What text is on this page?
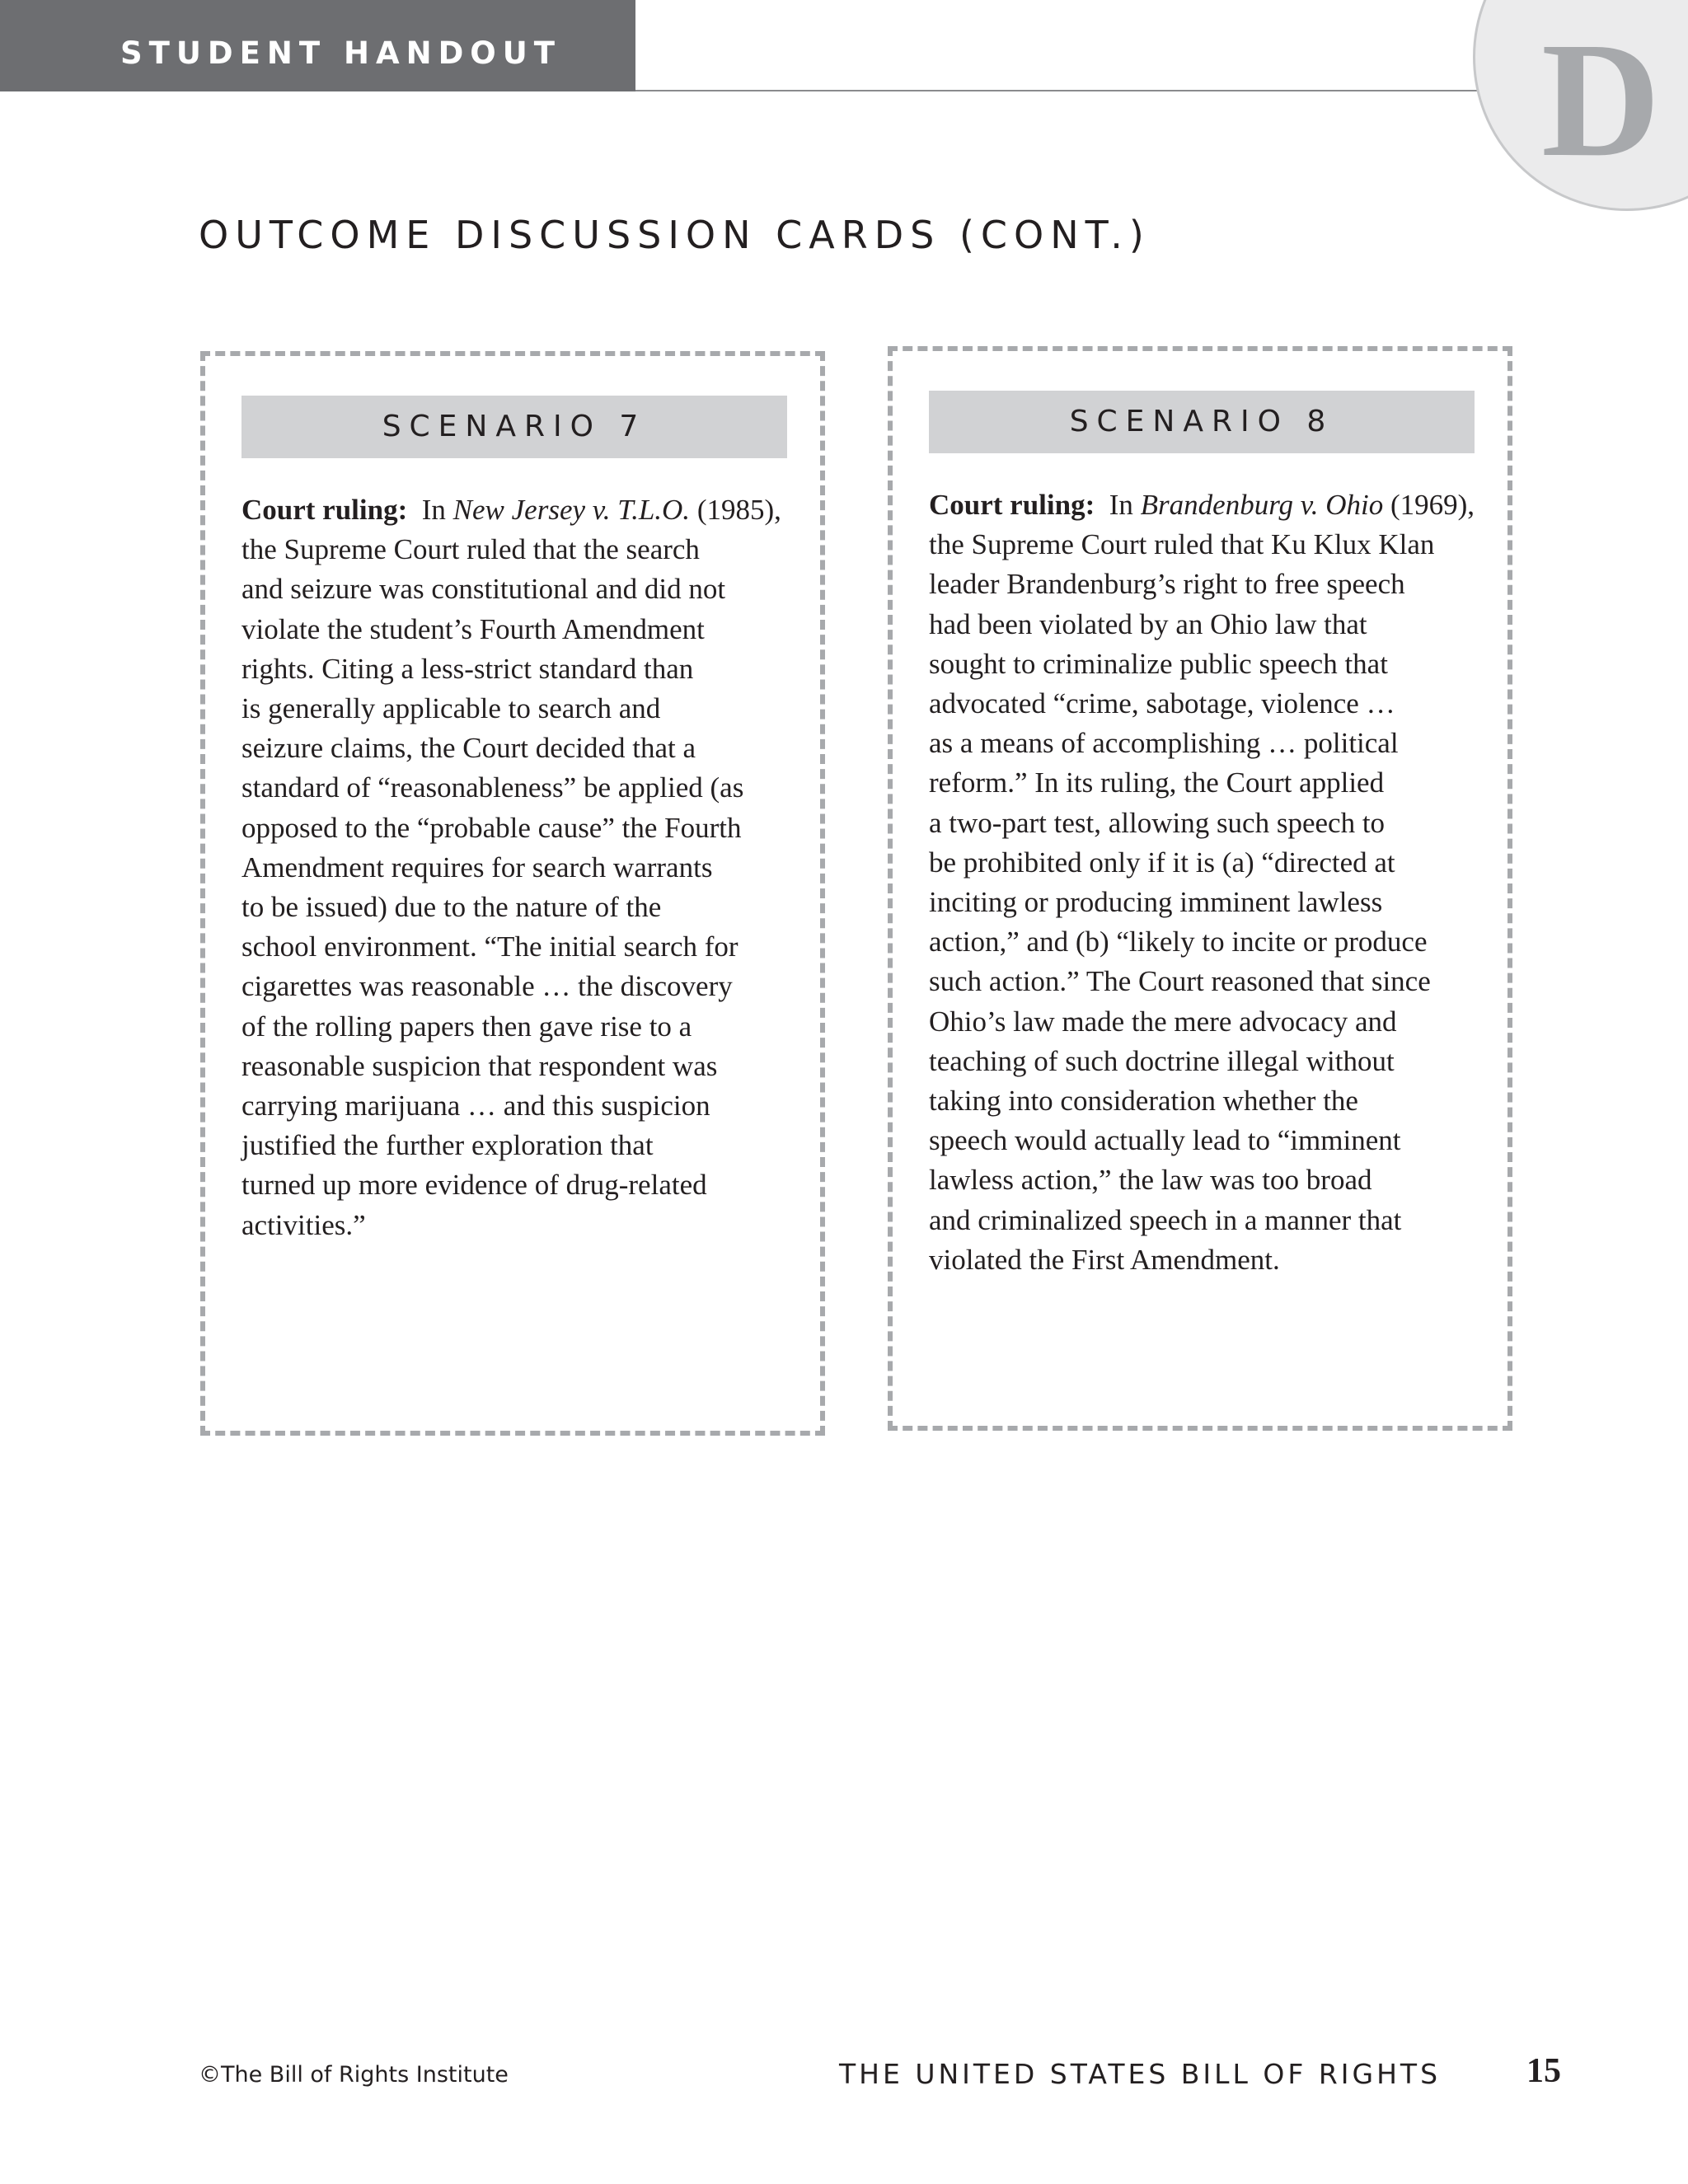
STUDENT HANDOUT	D
OUTCOME DISCUSSION CARDS (CONT.)
SCENARIO 7
Court ruling:  In New Jersey v. T.L.O. (1985),
the Supreme Court ruled that the search
and seizure was constitutional and did not
violate the student’s Fourth Amendment
rights. Citing a less-strict standard than
is generally applicable to search and
seizure claims, the Court decided that a
standard of “reasonableness” be applied (as
opposed to the “probable cause” the Fourth
Amendment requires for search warrants
to be issued) due to the nature of the
school environment. “The initial search for
cigarettes was reasonable … the discovery
of the rolling papers then gave rise to a
reasonable suspicion that respondent was
carrying marijuana … and this suspicion
justified the further exploration that
turned up more evidence of drug-related
activities.”
SCENARIO 8
Court ruling:  In Brandenburg v. Ohio (1969),
the Supreme Court ruled that Ku Klux Klan
leader Brandenburg’s right to free speech
had been violated by an Ohio law that
sought to criminalize public speech that
advocated “crime, sabotage, violence …
as a means of accomplishing … political
reform.” In its ruling, the Court applied
a two-part test, allowing such speech to
be prohibited only if it is (a) “directed at
inciting or producing imminent lawless
action,” and (b) “likely to incite or produce
such action.” The Court reasoned that since
Ohio’s law made the mere advocacy and
teaching of such doctrine illegal without
taking into consideration whether the
speech would actually lead to “imminent
lawless action,” the law was too broad
and criminalized speech in a manner that
violated the First Amendment.
©The Bill of Rights Institute	THE UNITED STATES BILL OF RIGHTS 15
